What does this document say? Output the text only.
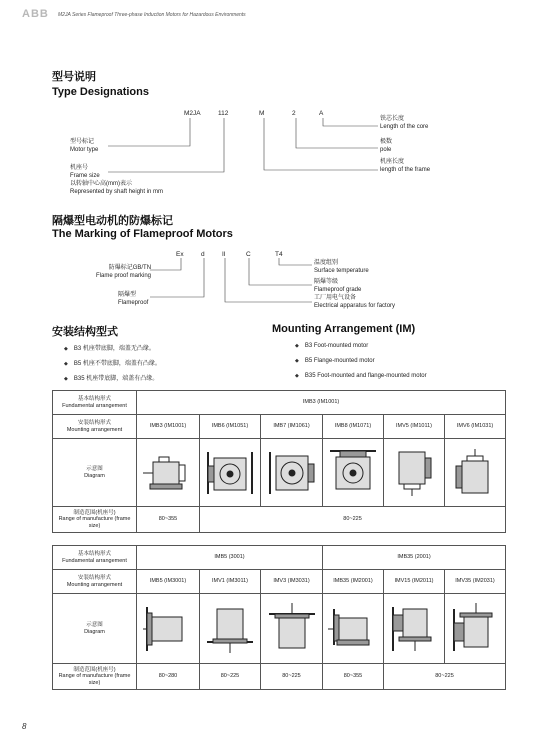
ABB M2JA Series Flameproof Three-phase Induction Motors for Hazardous Environments
型号说明
Type Designations
M2JA	112	M	2	A
型号标记
Motor type
机座号
Frame size
以转轴中心高(mm)表示
Represented by shaft height in mm
铁芯长度
Length of the core
极数
pole
机座长度
length of the frame
隔爆型电动机的防爆标记
The Marking of Flameproof Motors
Ex	d	II	C	T4
防爆标记GB/TN
Flame proof marking
隔爆型
Flameproof
温度组别
Surface temperature
隔爆等级
Flameproof grade
工厂用电气设备
Electrical apparatus for factory
安装结构型式	Mounting Arrangement (IM)
◆ B3 机座带底脚，端盖无凸缘。
◆ B5 机座不带底脚，端盖有凸缘。
◆ B35 机座带底脚，端盖有凸缘。
◆ B3 Foot-mounted motor
◆ B5 Flange-mounted motor
◆ B35 Foot-mounted and flange-mounted motor
基本结构形式
Fundamental arrangement	IMB3 (IM1001)					

安装结构形式
Mounting arrangement	IMB3 (IM1001)	IMB6 (IM1051)	IMB7 (IM1061)	IMB8 (IM1071)	IMV5 (IM1011)	IMV6 (IM1031)

示意图
Diagram

制造范围(机座号)
Range of manufacture (frame size)	80~355	80~225				
基本结构形式
Fundamental arrangement	IMB5 (3001)			IMB35 (2001)		

安装结构形式
Mounting arrangement	IMB5 (IM3001)	IMV1 (IM3011)	IMV3 (IM3031)	IMB35 (IM2001)	IMV15 (IM2011)	IMV35 (IM2031)

示意图
Diagram

制造范围(机座号)
Range of manufacture (frame size)	80~280	80~225	80~225	80~355	80~225	
8
